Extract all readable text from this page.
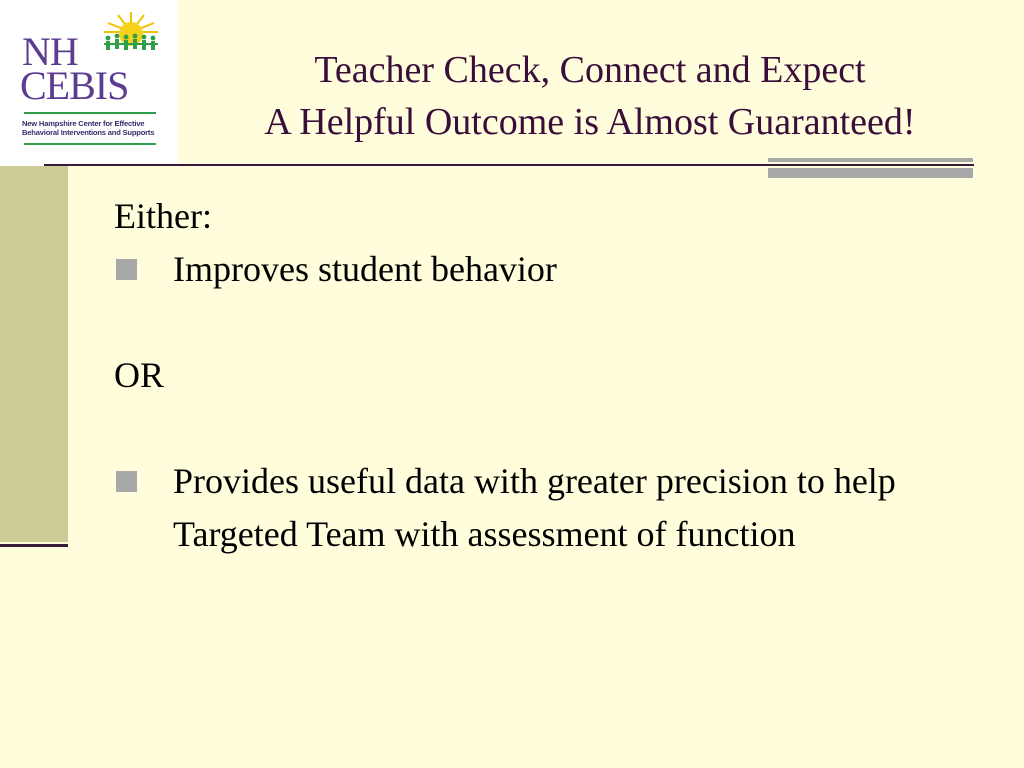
NH
CEBIS
New Hampshire Center for Effective
Behavioral Interventions and Supports
Teacher Check, Connect and Expect
A Helpful Outcome is Almost Guaranteed!

Either:

Improves student behavior

OR

Provides useful data with greater precision to help Targeted Team with assessment of function
